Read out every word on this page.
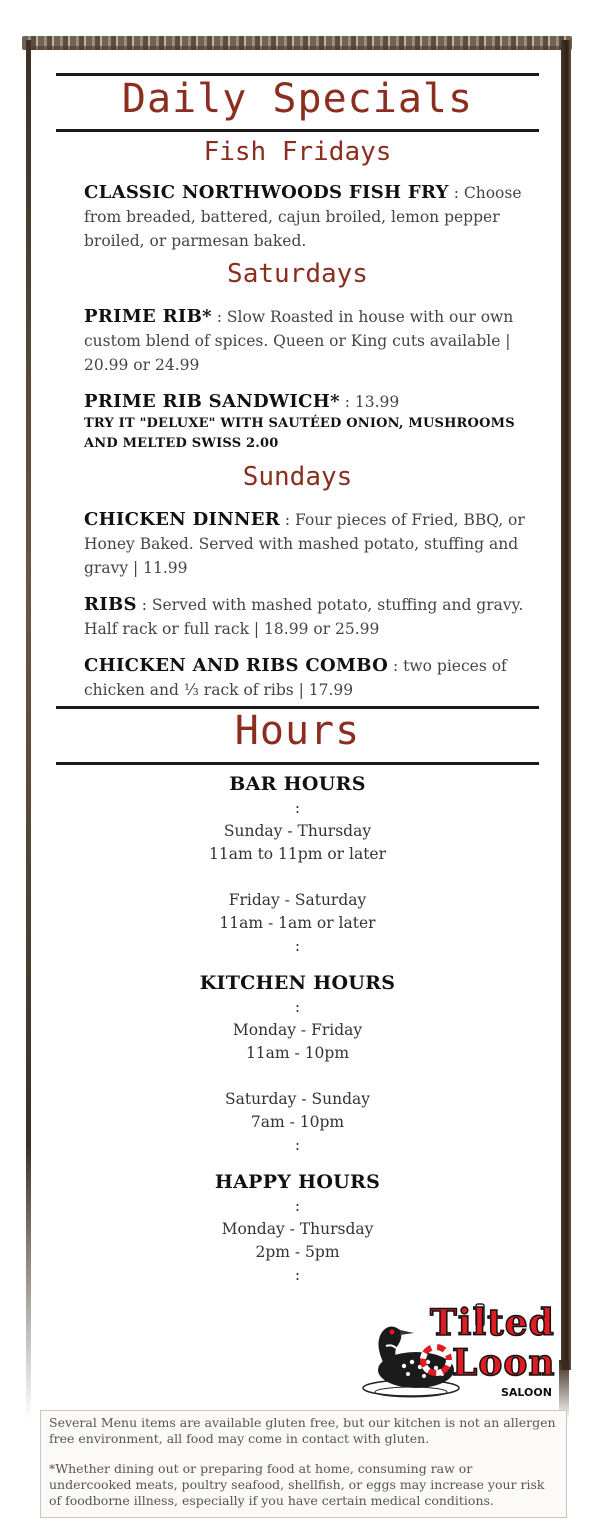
Daily Specials
Fish Fridays
CLASSIC NORTHWOODS FISH FRY : Choose from breaded, battered, cajun broiled, lemon pepper broiled, or parmesan baked.
Saturdays
PRIME RIB* : Slow Roasted in house with our own custom blend of spices. Queen or King cuts available | 20.99 or 24.99
PRIME RIB SANDWICH* : 13.99
TRY IT "DELUXE" WITH SAUTÉED ONION, MUSHROOMS AND MELTED SWISS 2.00
Sundays
CHICKEN DINNER : Four pieces of Fried, BBQ, or Honey Baked. Served with mashed potato, stuffing and gravy | 11.99
RIBS : Served with mashed potato, stuffing and gravy. Half rack or full rack | 18.99 or 25.99
CHICKEN AND RIBS COMBO : two pieces of chicken and ⅓ rack of ribs | 17.99
Hours
BAR HOURS
:
Sunday - Thursday
11am to 11pm or later
Friday - Saturday
11am - 1am or later
:
KITCHEN HOURS
:
Monday - Friday
11am - 10pm
Saturday - Sunday
7am - 10pm
:
HAPPY HOURS
:
Monday - Thursday
2pm - 5pm
:
Tilted
Loon
SALOON

Several Menu items are available gluten free, but our kitchen is not an allergen free environment, all food may come in contact with gluten.

*Whether dining out or preparing food at home, consuming raw or undercooked meats, poultry seafood, shellfish, or eggs may increase your risk of foodborne illness, especially if you have certain medical conditions.
